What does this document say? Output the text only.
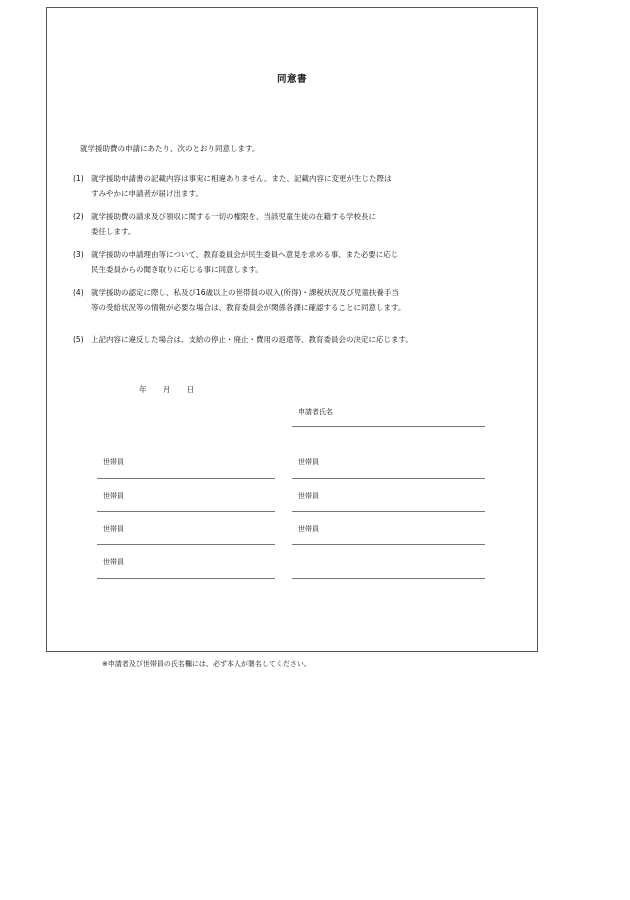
同意書
就学援助費の申請にあたり、次のとおり同意します。
(1) 就学援助申請書の記載内容は事実に相違ありません。また、記載内容に変更が生じた際は
すみやかに申請者が届け出ます。
(2) 就学援助費の請求及び領収に関する一切の権限を、当該児童生徒の在籍する学校長に
委任します。
(3) 就学援助の申請理由等について、教育委員会が民生委員へ意見を求める事、また必要に応じ
民生委員からの聞き取りに応じる事に同意します。
(4) 就学援助の認定に際し、私及び16歳以上の世帯員の収入(所得)・課税状況及び児童扶養手当
等の受給状況等の情報が必要な場合は、教育委員会が関係各課に確認することに同意します。
(5) 上記内容に違反した場合は、支給の停止・廃止・費用の返還等、教育委員会の決定に応じます。
年 月 日
申請者氏名
世帯員
世帯員
世帯員
世帯員
世帯員
世帯員
世帯員
※申請者及び世帯員の氏名欄には、必ず本人が署名してください。
